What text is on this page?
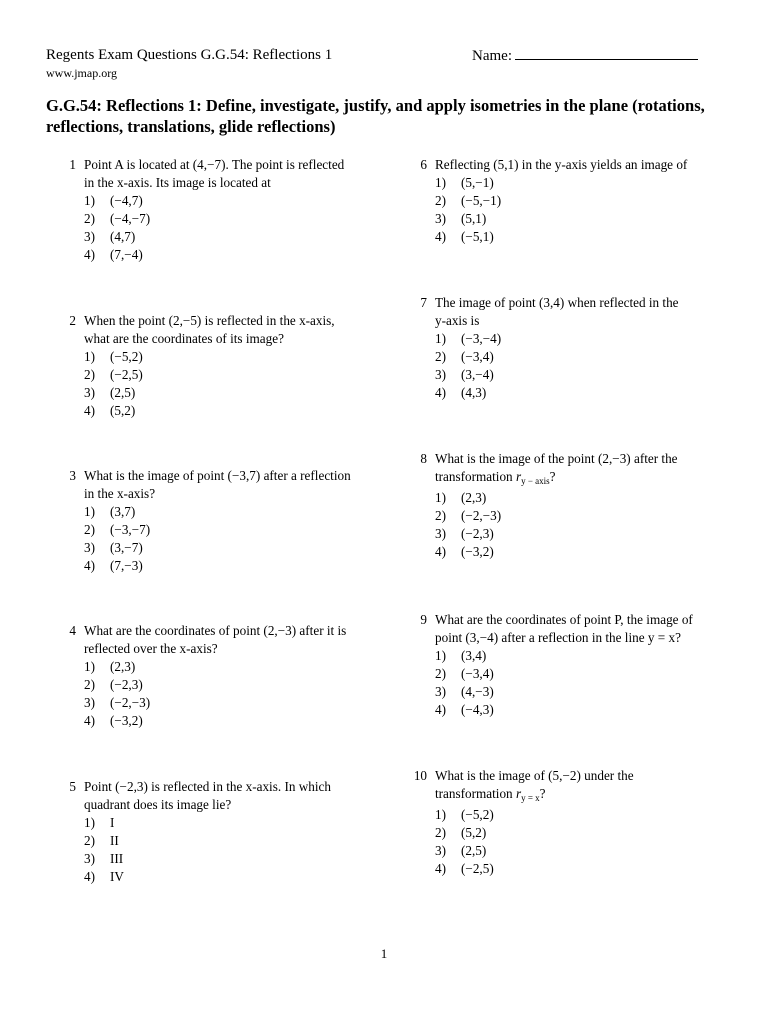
Regents Exam Questions G.G.54: Reflections 1	Name:
www.jmap.org
G.G.54: Reflections 1: Define, investigate, justify, and apply isometries in the plane (rotations, reflections, translations, glide reflections)
1 Point A is located at (4,−7). The point is reflected
in the x-axis. Its image is located at
1)	(−4,7)
2)	(−4,−7)
3)	(4,7)
4)	(7,−4)
2 When the point (2,−5) is reflected in the x-axis,
what are the coordinates of its image?
1)	(−5,2)
2)	(−2,5)
3)	(2,5)
4)	(5,2)
3 What is the image of point (−3,7) after a reflection
in the x-axis?
1)	(3,7)
2)	(−3,−7)
3)	(3,−7)
4)	(7,−3)
4 What are the coordinates of point (2,−3) after it is
reflected over the x-axis?
1)	(2,3)
2)	(−2,3)
3)	(−2,−3)
4)	(−3,2)
5 Point (−2,3) is reflected in the x-axis. In which
quadrant does its image lie?
1)	I
2)	II
3)	III
4)	IV
6 Reflecting (5,1) in the y-axis yields an image of
1)	(5,−1)
2)	(−5,−1)
3)	(5,1)
4)	(−5,1)
7 The image of point (3,4) when reflected in the
y-axis is
1)	(−3,−4)
2)	(−3,4)
3)	(3,−4)
4)	(4,3)
8 What is the image of the point (2,−3) after the
transformation $r_{y - axis}$?
1)	(2,3)
2)	(−2,−3)
3)	(−2,3)
4)	(−3,2)
9 What are the coordinates of point P, the image of
point (3,−4) after a reflection in the line y = x?
1)	(3,4)
2)	(−3,4)
3)	(4,−3)
4)	(−4,3)
10 What is the image of (5,−2) under the
transformation $r_{y = x}$?
1)	(−5,2)
2)	(5,2)
3)	(2,5)
4)	(−2,5)
1
